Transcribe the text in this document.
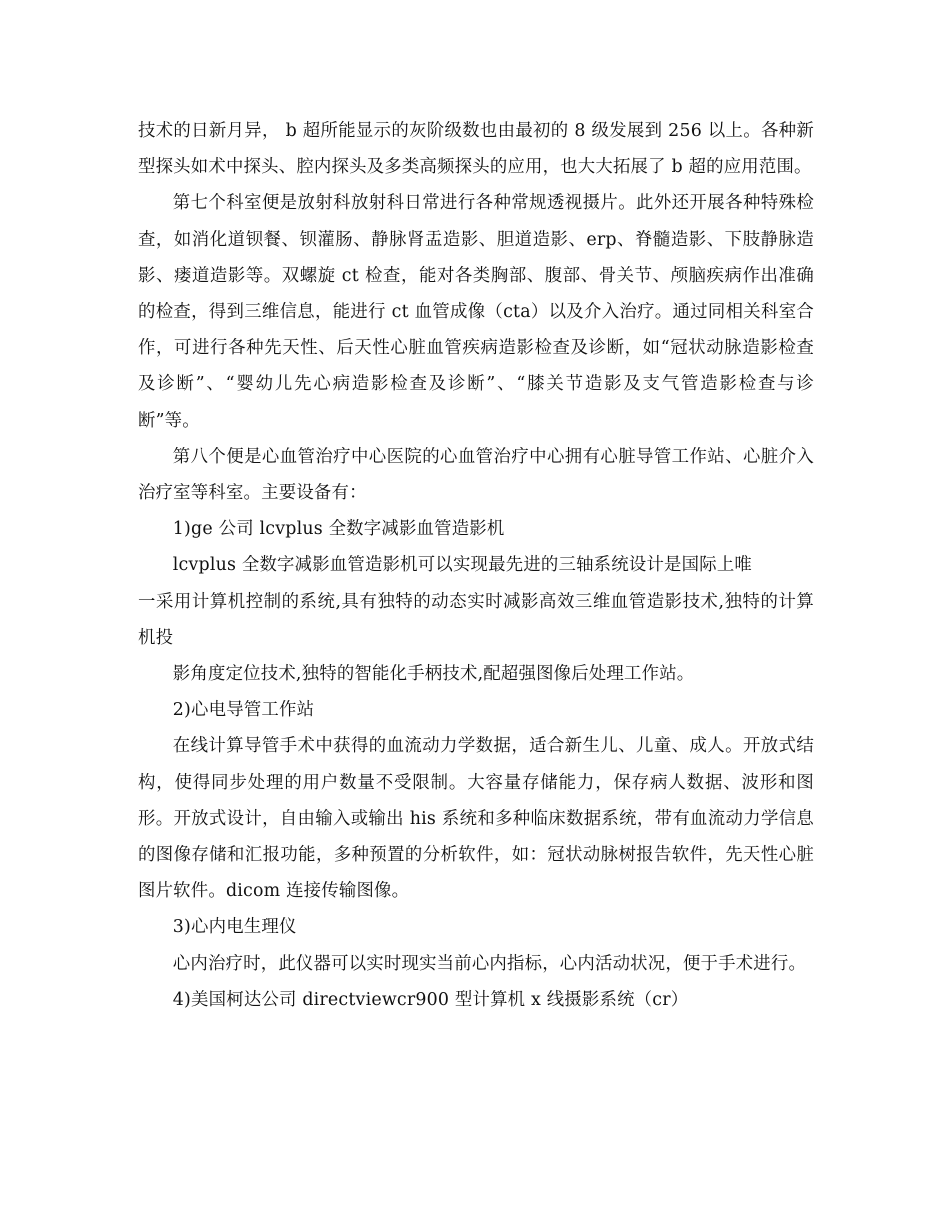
技术的日新月异， b 超所能显示的灰阶级数也由最初的 8 级发展到 256 以上。各种新型探头如术中探头、腔内探头及多类高频探头的应用，也大大拓展了 b 超的应用范围。

第七个科室便是放射科放射科日常进行各种常规透视摄片。此外还开展各种特殊检查，如消化道钡餐、钡灌肠、静脉肾盂造影、胆道造影、erp、脊髓造影、下肢静脉造影、瘘道造影等。双螺旋 ct 检查，能对各类胸部、腹部、骨关节、颅脑疾病作出准确的检查，得到三维信息，能进行 ct 血管成像（cta）以及介入治疗。通过同相关科室合作，可进行各种先天性、后天性心脏血管疾病造影检查及诊断，如“冠状动脉造影检查及诊断”、“婴幼儿先心病造影检查及诊断”、“膝关节造影及支气管造影检查与诊断”等。

第八个便是心血管治疗中心医院的心血管治疗中心拥有心脏导管工作站、心脏介入治疗室等科室。主要设备有：

1)ge 公司 lcvplus 全数字减影血管造影机

lcvplus 全数字减影血管造影机可以实现最先进的三轴系统设计是国际上唯

一采用计算机控制的系统,具有独特的动态实时减影高效三维血管造影技术,独特的计算机投

影角度定位技术,独特的智能化手柄技术,配超强图像后处理工作站。

2)心电导管工作站

在线计算导管手术中获得的血流动力学数据，适合新生儿、儿童、成人。开放式结构，使得同步处理的用户数量不受限制。大容量存储能力，保存病人数据、波形和图形。开放式设计，自由输入或输出 his 系统和多种临床数据系统，带有血流动力学信息的图像存储和汇报功能，多种预置的分析软件，如：冠状动脉树报告软件，先天性心脏图片软件。dicom 连接传输图像。

3)心内电生理仪

心内治疗时，此仪器可以实时现实当前心内指标，心内活动状况，便于手术进行。

4)美国柯达公司 directviewcr900 型计算机 x 线摄影系统（cr）
